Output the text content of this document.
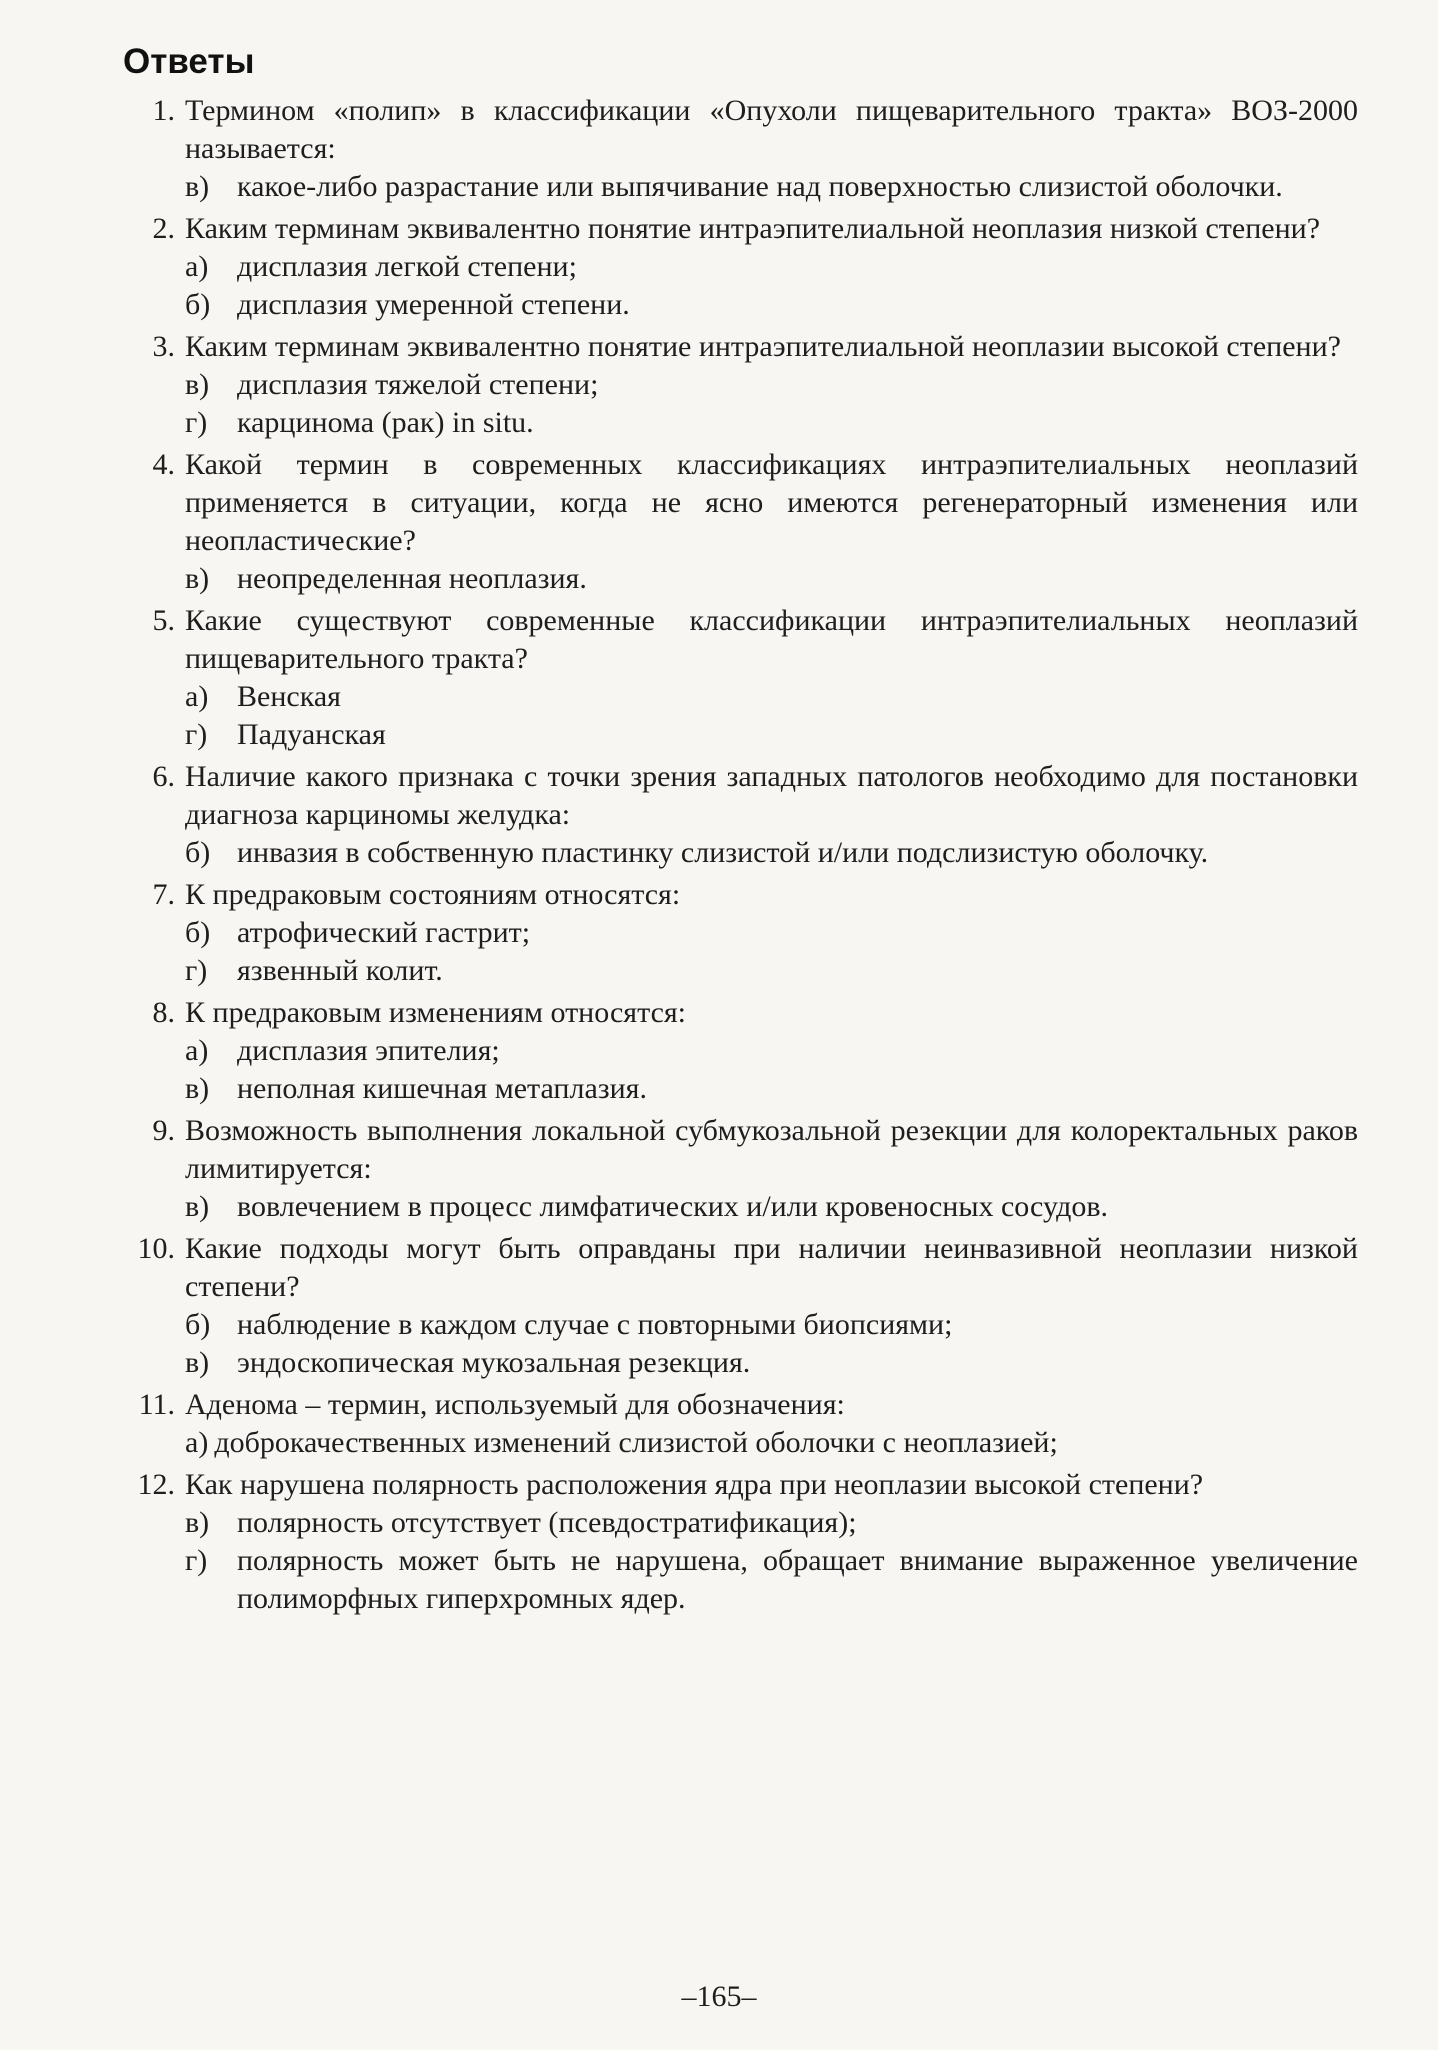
Ответы
1. Термином «полип» в классификации «Опухоли пищеварительного тракта» ВОЗ-2000 называется:
в) какое-либо разрастание или выпячивание над поверхностью слизистой оболочки.
2. Каким терминам эквивалентно понятие интраэпителиальной неоплазия низкой степени?
а) дисплазия легкой степени;
б) дисплазия умеренной степени.
3. Каким терминам эквивалентно понятие интраэпителиальной неоплазии высокой степени?
в) дисплазия тяжелой степени;
г) карцинома (рак) in situ.
4. Какой термин в современных классификациях интраэпителиальных неоплазий применяется в ситуации, когда не ясно имеются регенераторный изменения или неопластические?
в) неопределенная неоплазия.
5. Какие существуют современные классификации интраэпителиальных неоплазий пищеварительного тракта?
а) Венская
г) Падуанская
6. Наличие какого признака с точки зрения западных патологов необходимо для постановки диагноза карциномы желудка:
б) инвазия в собственную пластинку слизистой и/или подслизистую оболочку.
7. К предраковым состояниям относятся:
б) атрофический гастрит;
г) язвенный колит.
8. К предраковым изменениям относятся:
а) дисплазия эпителия;
в) неполная кишечная метаплазия.
9. Возможность выполнения локальной субмукозальной резекции для колоректальных раков лимитируется:
в) вовлечением в процесс лимфатических и/или кровеносных сосудов.
10. Какие подходы могут быть оправданы при наличии неинвазивной неоплазии низкой степени?
б) наблюдение в каждом случае с повторными биопсиями;
в) эндоскопическая мукозальная резекция.
11. Аденома – термин, используемый для обозначения:
а) доброкачественных изменений слизистой оболочки с неоплазией;
12. Как нарушена полярность расположения ядра при неоплазии высокой степени?
в) полярность отсутствует (псевдостратификация);
г) полярность может быть не нарушена, обращает внимание выраженное увеличение полиморфных гиперхромных ядер.
–165–
